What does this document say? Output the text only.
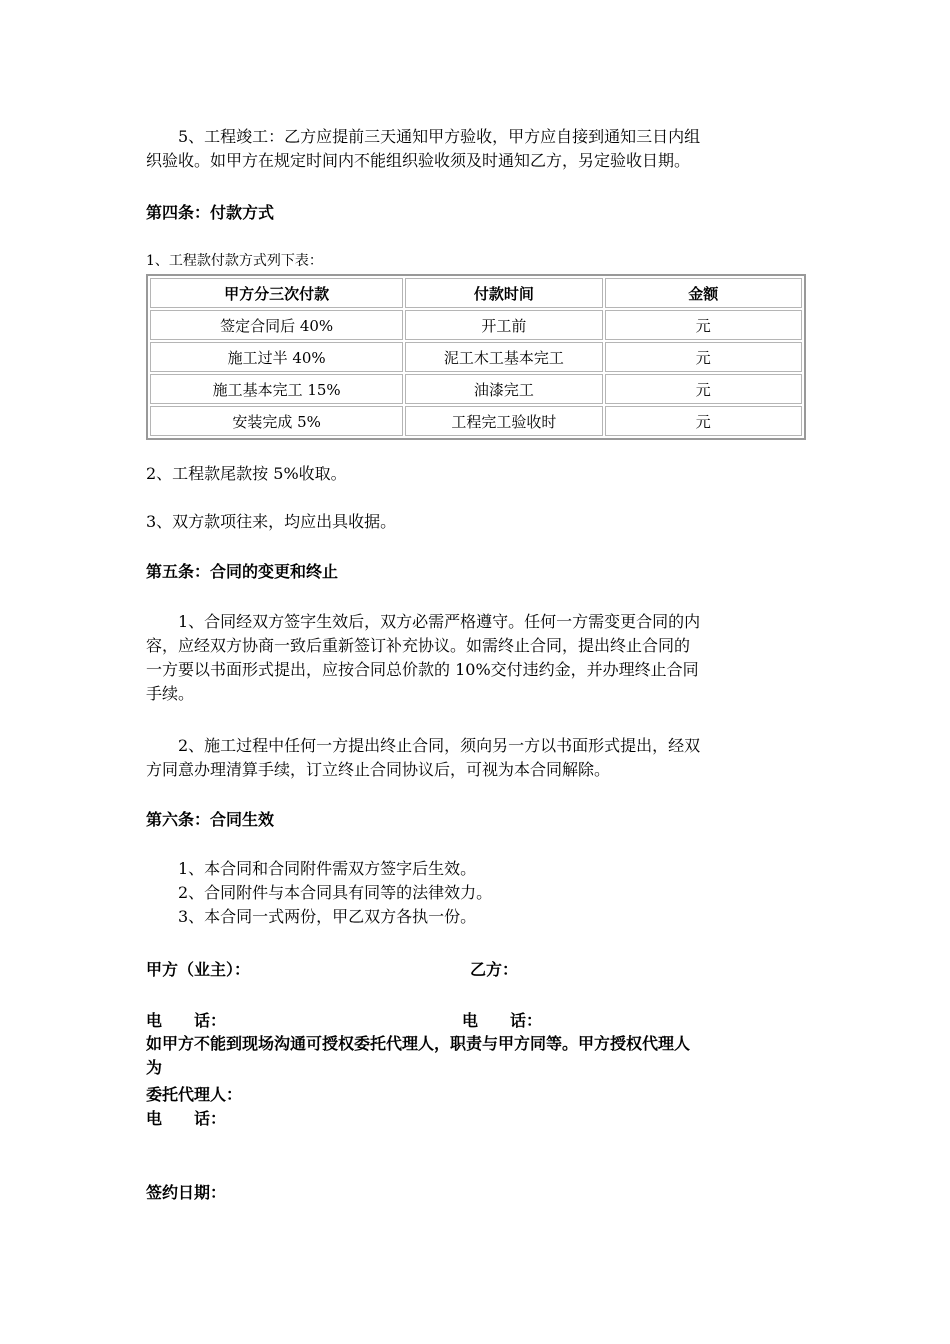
5、工程竣工：乙方应提前三天通知甲方验收，甲方应自接到通知三日内组

织验收。如甲方在规定时间内不能组织验收须及时通知乙方，另定验收日期。

第四条：付款方式

1、工程款付款方式列下表：

甲方分三次付款	付款时间	金额
签定合同后 40%	开工前	元
施工过半 40%	泥工木工基本完工	元
施工基本完工 15%	油漆完工	元
安装完成 5%	工程完工验收时	元

2、工程款尾款按 5%收取。

3、双方款项往来，均应出具收据。

第五条：合同的变更和终止

1、合同经双方签字生效后，双方必需严格遵守。任何一方需变更合同的内

容，应经双方协商一致后重新签订补充协议。如需终止合同，提出终止合同的

一方要以书面形式提出，应按合同总价款的 10%交付违约金，并办理终止合同

手续。

2、施工过程中任何一方提出终止合同，须向另一方以书面形式提出，经双

方同意办理清算手续，订立终止合同协议后，可视为本合同解除。

第六条：合同生效

1、本合同和合同附件需双方签字后生效。

2、合同附件与本合同具有同等的法律效力。

3、本合同一式两份，甲乙双方各执一份。

甲方（业主）：	乙方：
电　　话：	电　　话：
如甲方不能到现场沟通可授权委托代理人，职责与甲方同等。甲方授权代理人
为
委托代理人：
电　　话：
签约日期：
